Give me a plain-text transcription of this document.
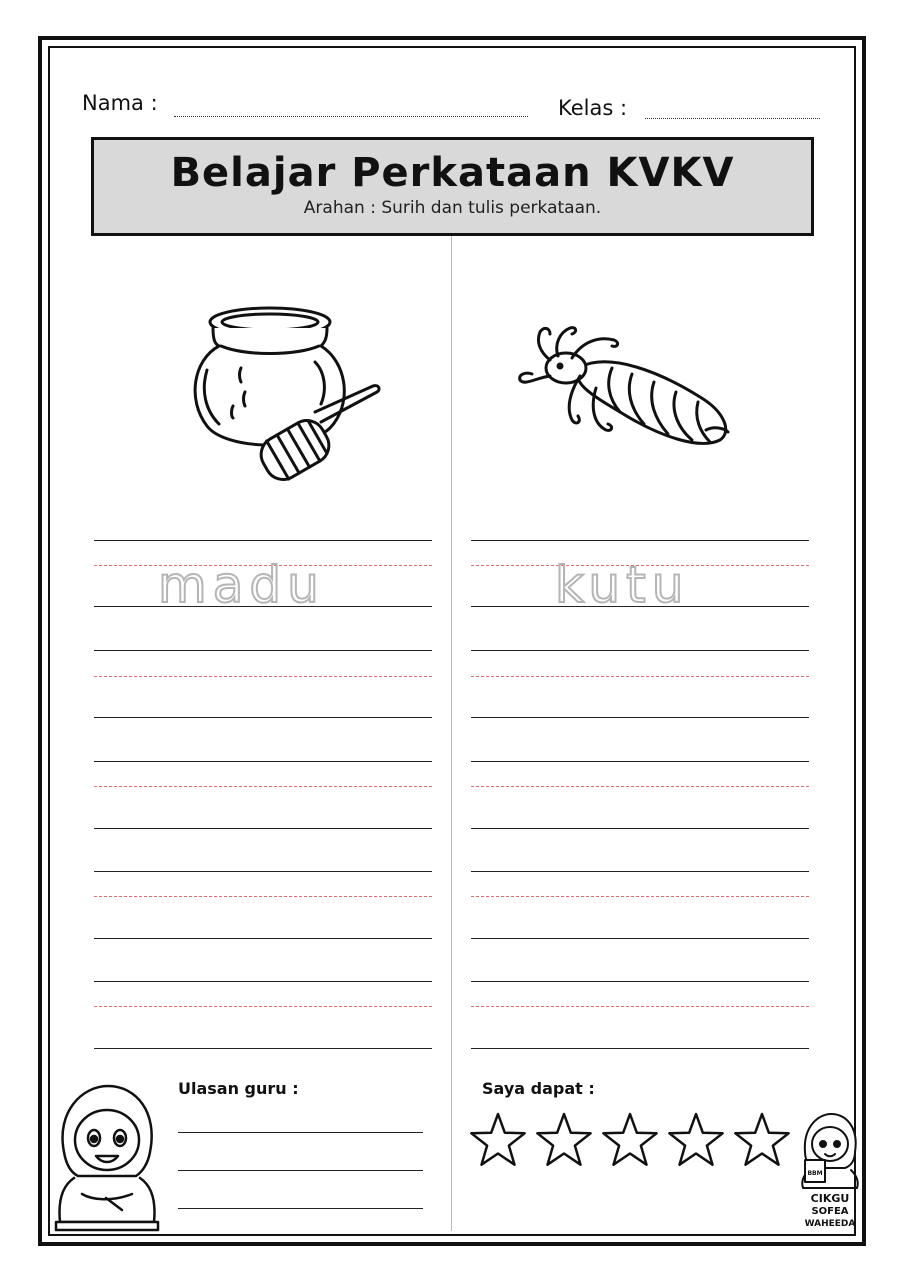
Nama :	Kelas :
Belajar Perkataan KVKV
Arahan : Surih dan tulis perkataan.
madu	kutu
Ulasan guru :	Saya dapat :
BBM
CIKGU
SOFEA
WAHEEDA
